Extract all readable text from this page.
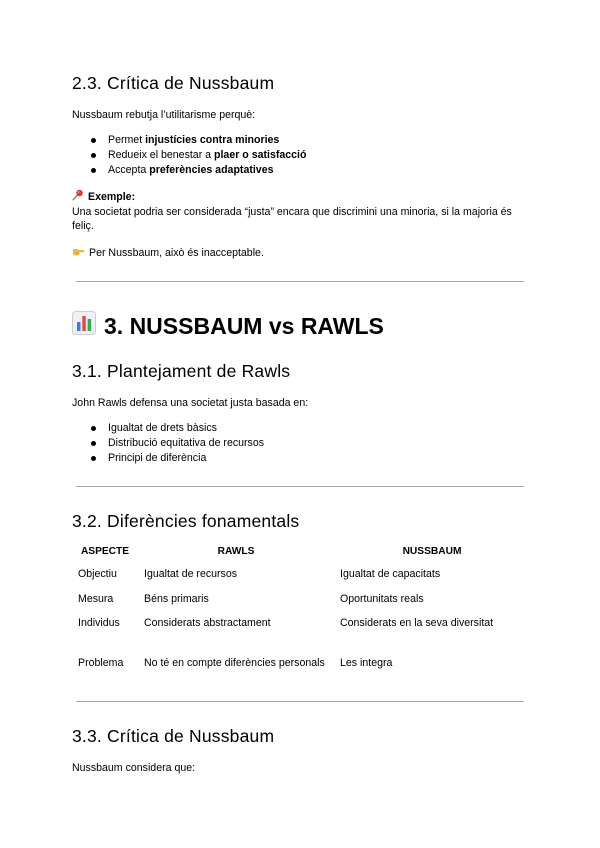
2.3. Crítica de Nussbaum

Nussbaum rebutja l’utilitarisme perquè:

Permet injustícies contra minories
Redueix el benestar a plaer o satisfacció
Accepta preferències adaptatives

Exemple:

Una societat podria ser considerada “justa” encara que discrimini una minoria, si la majoria és feliç.

Per Nussbaum, això és inacceptable.

3. NUSSBAUM vs RAWLS
3.1. Plantejament de Rawls

John Rawls defensa una societat justa basada en:

Igualtat de drets bàsics
Distribució equitativa de recursos
Principi de diferència
3.2. Diferències fonamentals
ASPECTE	RAWLS	NUSSBAUM
Objectiu	Igualtat de recursos	Igualtat de capacitats
Mesura	Béns primaris	Oportunitats reals
Individus	Considerats abstractament	Considerats en la seva diversitat
Problema	No té en compte diferències personals	Les integra
3.3. Crítica de Nussbaum

Nussbaum considera que:
